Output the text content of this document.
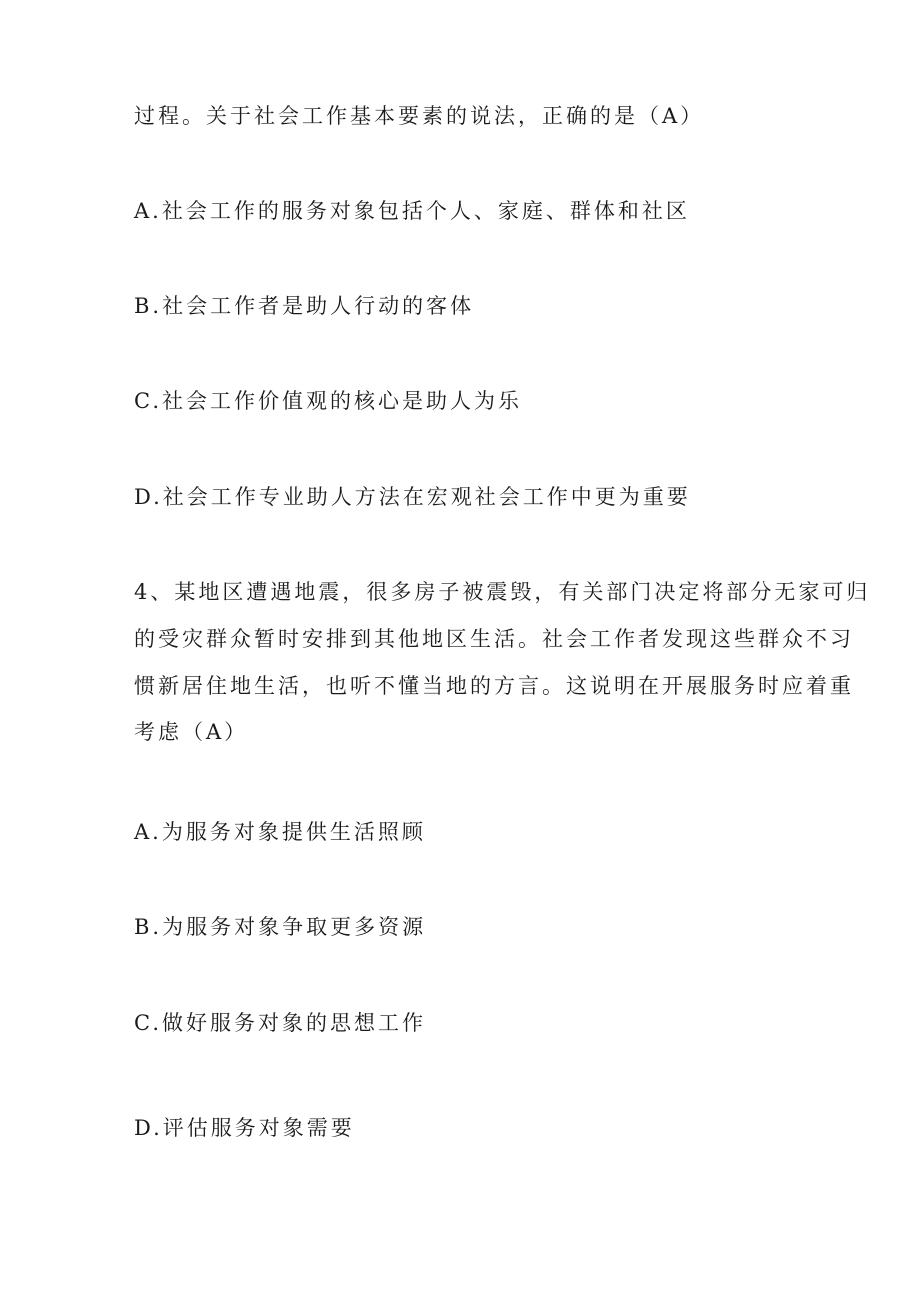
过程。关于社会工作基本要素的说法，正确的是（A）
A.社会工作的服务对象包括个人、家庭、群体和社区
B.社会工作者是助人行动的客体
C.社会工作价值观的核心是助人为乐
D.社会工作专业助人方法在宏观社会工作中更为重要
4、某地区遭遇地震，很多房子被震毁，有关部门决定将部分无家可归
的受灾群众暂时安排到其他地区生活。社会工作者发现这些群众不习
惯新居住地生活，也听不懂当地的方言。这说明在开展服务时应着重
考虑（A）
A.为服务对象提供生活照顾
B.为服务对象争取更多资源
C.做好服务对象的思想工作
D.评估服务对象需要
